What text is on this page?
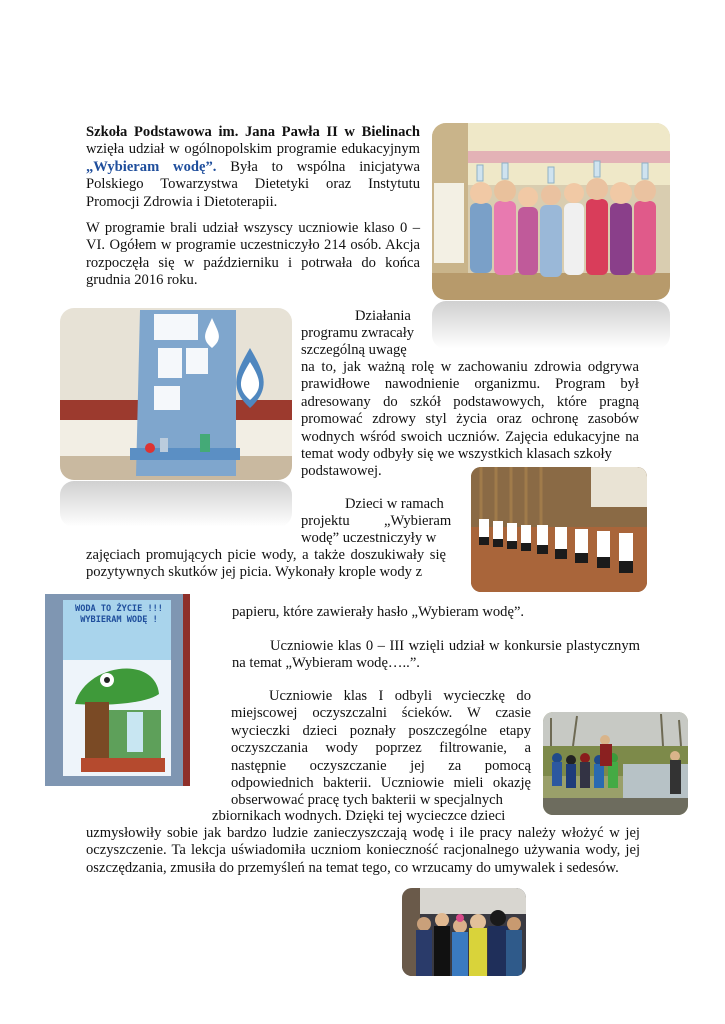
Szkoła Podstawowa im. Jana Pawła II w Bielinach wzięła udział w ogólnopolskim programie edukacyjnym „Wybieram wodę”. Była to wspólna inicjatywa Polskiego Towarzystwa Dietetyki oraz Instytutu Promocji Zdrowia i Dietoterapii.
W programie brali udział wszyscy uczniowie klaso 0 – VI. Ogółem w programie uczestniczyło 214 osób. Akcja rozpoczęła się w październiku i potrwała do końca grudnia 2016 roku.
Działania
programu zwracały
szczególną uwagę
na to, jak ważną rolę w zachowaniu zdrowia odgrywa prawidłowe nawodnienie organizmu. Program był adresowany do szkół podstawowych, które pragną promować zdrowy styl życia oraz ochronę zasobów wodnych wśród swoich uczniów. Zajęcia edukacyjne na temat wody odbyły się we wszystkich klasach szkoły
podstawowej.
Dzieci w ramach
projektu „Wybieram
wodę” uczestniczyły w
zajęciach promujących picie wody, a także doszukiwały się pozytywnych skutków jej picia. Wykonały krople wody z
WODA TO ŻYCIE !!!
WYBIERAM WODĘ !	papieru, które zawierały hasło „Wybieram wodę”.
Uczniowie klas 0 – III wzięli udział w konkursie plastycznym na temat „Wybieram wodę…..”.
Uczniowie klas I odbyli wycieczkę do miejscowej oczyszczalni ścieków. W czasie wycieczki dzieci poznały poszczególne etapy oczyszczania wody poprzez filtrowanie, a następnie oczyszczanie jej za pomocą odpowiednich bakterii. Uczniowie mieli okazję obserwować pracę tych bakterii w specjalnych
zbiornikach wodnych. Dzięki tej wycieczce dzieci
uzmysłowiły sobie jak bardzo ludzie zanieczyszczają wodę i ile pracy należy włożyć w jej oczyszczenie. Ta lekcja uświadomiła uczniom konieczność racjonalnego używania wody, jej oszczędzania, zmusiła do przemyśleń na temat tego, co wrzucamy do umywalek i sedesów.
